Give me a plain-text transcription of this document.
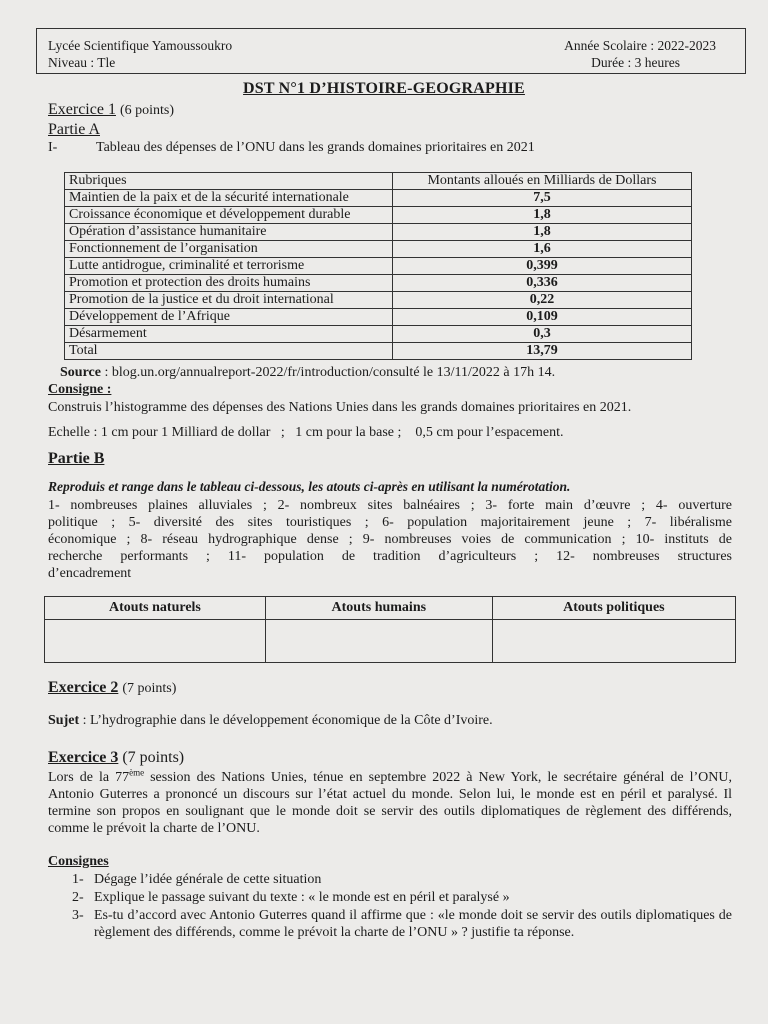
Lycée Scientifique Yamoussoukro
Niveau : Tle
Année Scolaire : 2022-2023
Durée : 3 heures
DST N°1 D’HISTOIRE-GEOGRAPHIE
Exercice 1 (6 points)
Partie A
I-	Tableau des dépenses de l’ONU dans les grands domaines prioritaires en 2021
Rubriques	Montants alloués en Milliards de Dollars
Maintien de la paix et de la sécurité internationale	7,5
Croissance économique et développement durable	1,8
Opération d’assistance humanitaire	1,8
Fonctionnement de l’organisation	1,6
Lutte antidrogue, criminalité et terrorisme	0,399
Promotion et protection des droits humains	0,336
Promotion de la justice et du droit international	0,22
Développement de l’Afrique	0,109
Désarmement	0,3
Total	13,79
Source : blog.un.org/annualreport-2022/fr/introduction/consulté le 13/11/2022 à 17h 14.
Consigne :
Construis l’histogramme des dépenses des Nations Unies dans les grands domaines prioritaires en 2021.
Echelle : 1 cm pour 1 Milliard de dollar   ;   1 cm pour la base ;    0,5 cm pour l’espacement.
Partie B
Reproduis et range dans le tableau ci-dessous, les atouts ci-après en utilisant la numérotation.
1- nombreuses plaines alluviales ; 2- nombreux sites balnéaires ; 3- forte main d’œuvre ; 4- ouverture
politique ; 5- diversité des sites touristiques ; 6- population majoritairement jeune ; 7- libéralisme
économique ; 8- réseau hydrographique dense ; 9- nombreuses voies de communication ; 10- instituts de
recherche performants ; 11- population de tradition d’agriculteurs ; 12- nombreuses structures
d’encadrement
Atouts naturels	Atouts humains	Atouts politiques

Exercice 2 (7 points)
Sujet : L’hydrographie dans le développement économique de la Côte d’Ivoire.
Exercice 3 (7 points)
Lors de la 77ème session des Nations Unies, ténue en septembre 2022 à New York, le secrétaire général de l’ONU, Antonio Guterres a prononcé un discours sur l’état actuel du monde. Selon lui, le monde est en péril et paralysé. Il termine son propos en soulignant que le monde doit se servir des outils diplomatiques de règlement des différends, comme le prévoit la charte de l’ONU.
Consignes
1- Dégage l’idée générale de cette situation
2- Explique le passage suivant du texte : « le monde est en péril et paralysé »
3- Es-tu d’accord avec Antonio Guterres quand il affirme que : «le monde doit se servir des outils diplomatiques de règlement des différends, comme le prévoit la charte de l’ONU » ? justifie ta réponse.
